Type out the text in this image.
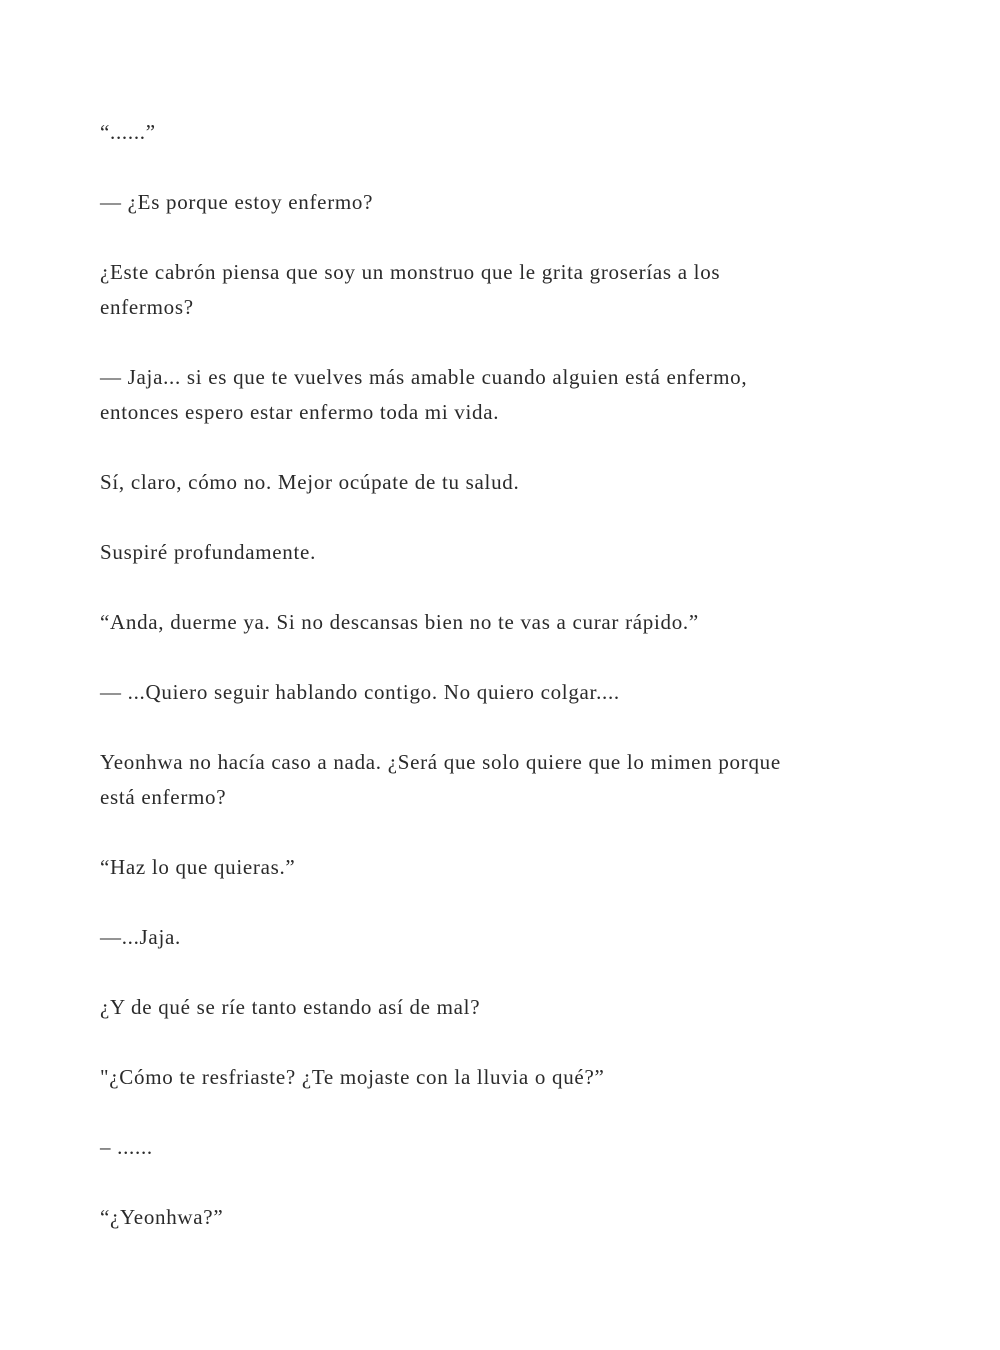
“......”

— ¿Es porque estoy enfermo?

¿Este cabrón piensa que soy un monstruo que le grita groserías a los
enfermos?

— Jaja... si es que te vuelves más amable cuando alguien está enfermo,
entonces espero estar enfermo toda mi vida.

Sí, claro, cómo no. Mejor ocúpate de tu salud.

Suspiré profundamente.

“Anda, duerme ya. Si no descansas bien no te vas a curar rápido.”

— ...Quiero seguir hablando contigo. No quiero colgar....

Yeonhwa no hacía caso a nada. ¿Será que solo quiere que lo mimen porque
está enfermo?

“Haz lo que quieras.”

—...Jaja.

¿Y de qué se ríe tanto estando así de mal?

"¿Cómo te resfriaste? ¿Te mojaste con la lluvia o qué?”

– ......

“¿Yeonhwa?”
